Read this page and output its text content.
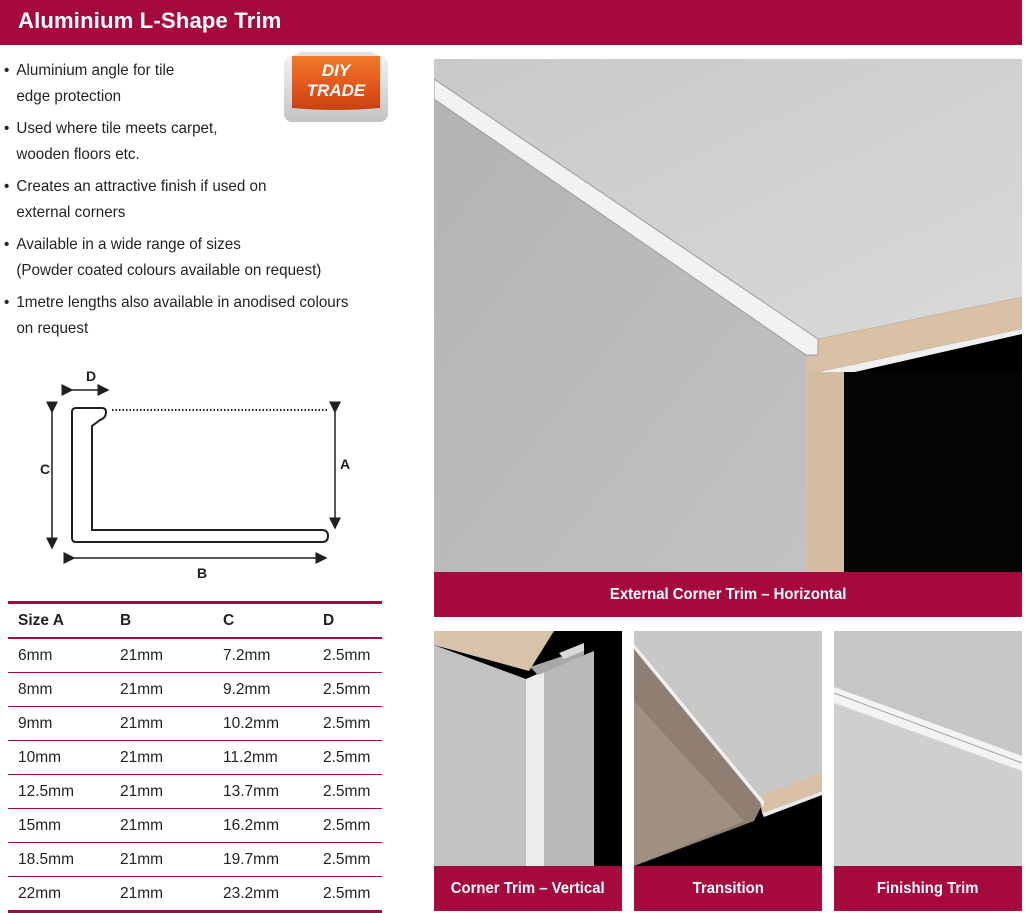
Aluminium L-Shape Trim
• Aluminium angle for tile
edge protection
• Used where tile meets carpet,
wooden floors etc.
• Creates an attractive finish if used on
external corners
• Available in a wide range of sizes
(Powder coated colours available on request)
• 1metre lengths also available in anodised colours
on request
DIY
TRADE
D
C	A
B
Size A	B	C	D
6mm	21mm	7.2mm	2.5mm
8mm	21mm	9.2mm	2.5mm
9mm	21mm	10.2mm	2.5mm
10mm	21mm	11.2mm	2.5mm
12.5mm	21mm	13.7mm	2.5mm
15mm	21mm	16.2mm	2.5mm
18.5mm	21mm	19.7mm	2.5mm
22mm	21mm	23.2mm	2.5mm
External Corner Trim – Horizontal
Corner Trim – Vertical	Transition	Finishing Trim
